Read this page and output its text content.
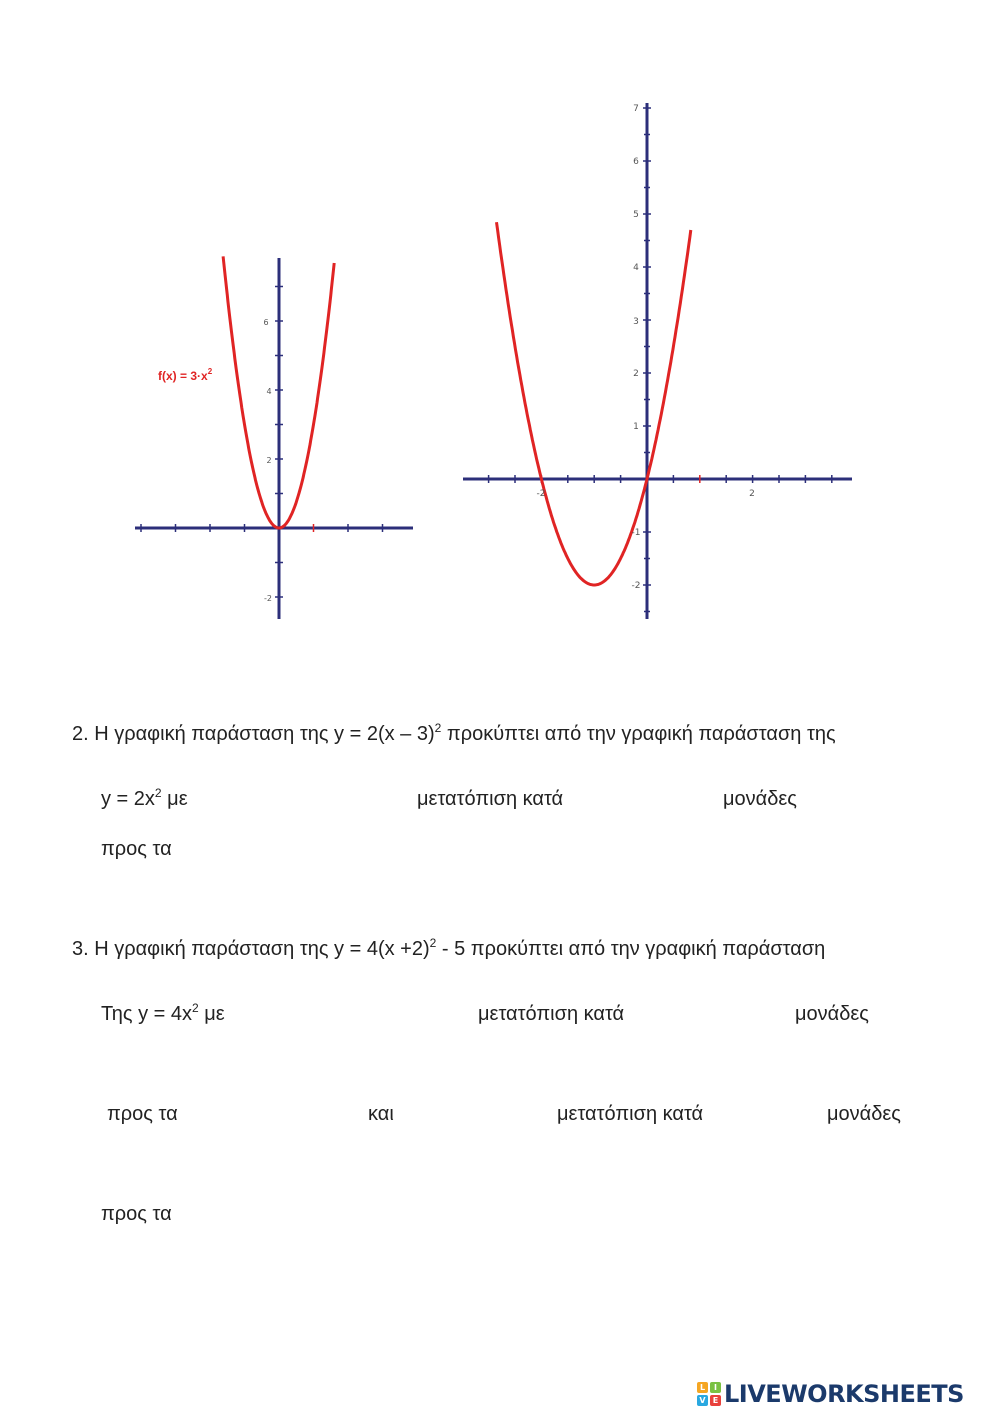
6
4
2
-2
$f(x) = 3\cdot x^2$
7
6
5
4
3
2
1
-1
-2
-2	2
2. Η γραφική παράσταση της y = 2(x – 3)$^2$ προκύπτει από την γραφική παράσταση της
$y = 2x^2$ με	μετατόπιση κατά	μονάδες
προς τα
3. Η γραφική παράσταση της $y = 4(x +2)^2 - 5$ προκύπτει από την γραφική παράσταση
Της $y = 4x^2$ με	μετατόπιση κατά	μονάδες
προς τα	και	μετατόπιση κατά	μονάδες
προς τα
L	I
V E LIVEWORKSHEETS
